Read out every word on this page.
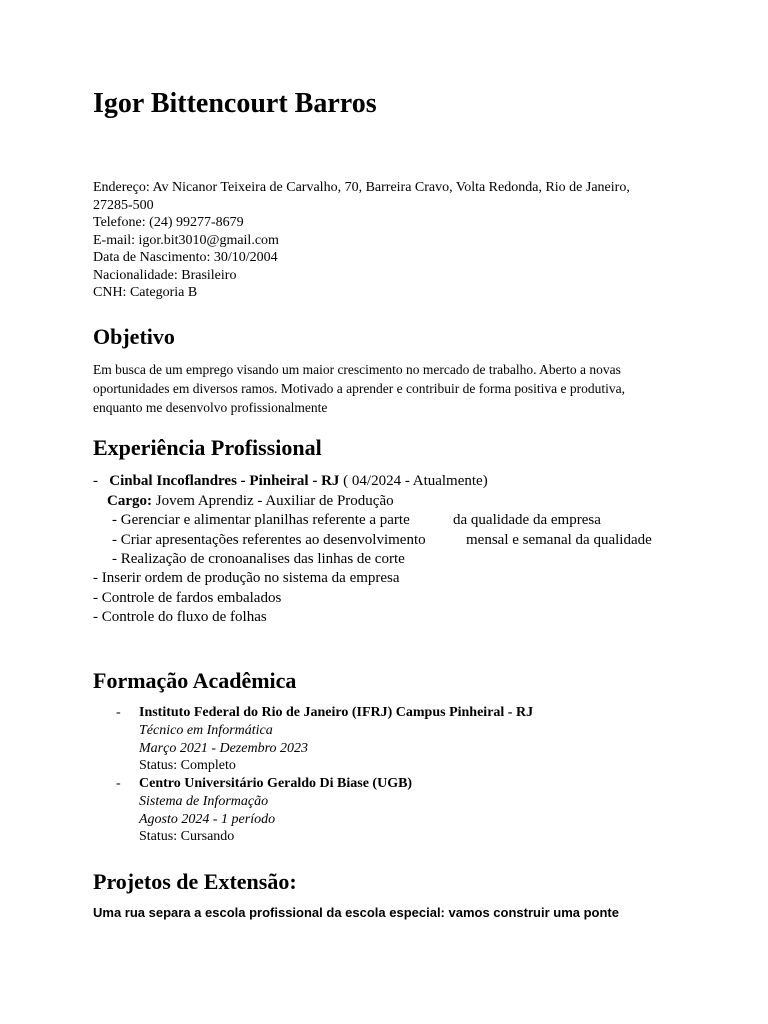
Igor Bittencourt Barros
Endereço: Av Nicanor Teixeira de Carvalho, 70, Barreira Cravo, Volta Redonda, Rio de Janeiro,
27285-500
Telefone: (24) 99277-8679
E-mail: igor.bit3010@gmail.com
Data de Nascimento: 30/10/2004
Nacionalidade: Brasileiro
CNH: Categoria B
Objetivo
Em busca de um emprego visando um maior crescimento no mercado de trabalho. Aberto a novas
oportunidades em diversos ramos. Motivado a aprender e contribuir de forma positiva e produtiva,
enquanto me desenvolvo profissionalmente
Experiência Profissional
- Cinbal Incoflandres - Pinheiral - RJ ( 04/2024 - Atualmente)
Cargo: Jovem Aprendiz - Auxiliar de Produção
- Gerenciar e alimentar planilhas referente a parte
- Criar apresentações referentes ao desenvolvimento
- Realização de cronoanalises das linhas de corte
da qualidade da empresa
mensal e semanal da qualidade
- Inserir ordem de produção no sistema da empresa
- Controle de fardos embalados
- Controle do fluxo de folhas
Formação Acadêmica
- Instituto Federal do Rio de Janeiro (IFRJ) Campus Pinheiral - RJ
Técnico em Informática
Março 2021 - Dezembro 2023
Status: Completo
- Centro Universitário Geraldo Di Biase (UGB)
Sistema de Informação
Agosto 2024 - 1 período
Status: Cursando
Projetos de Extensão:
Uma rua separa a escola profissional da escola especial: vamos construir uma ponte
